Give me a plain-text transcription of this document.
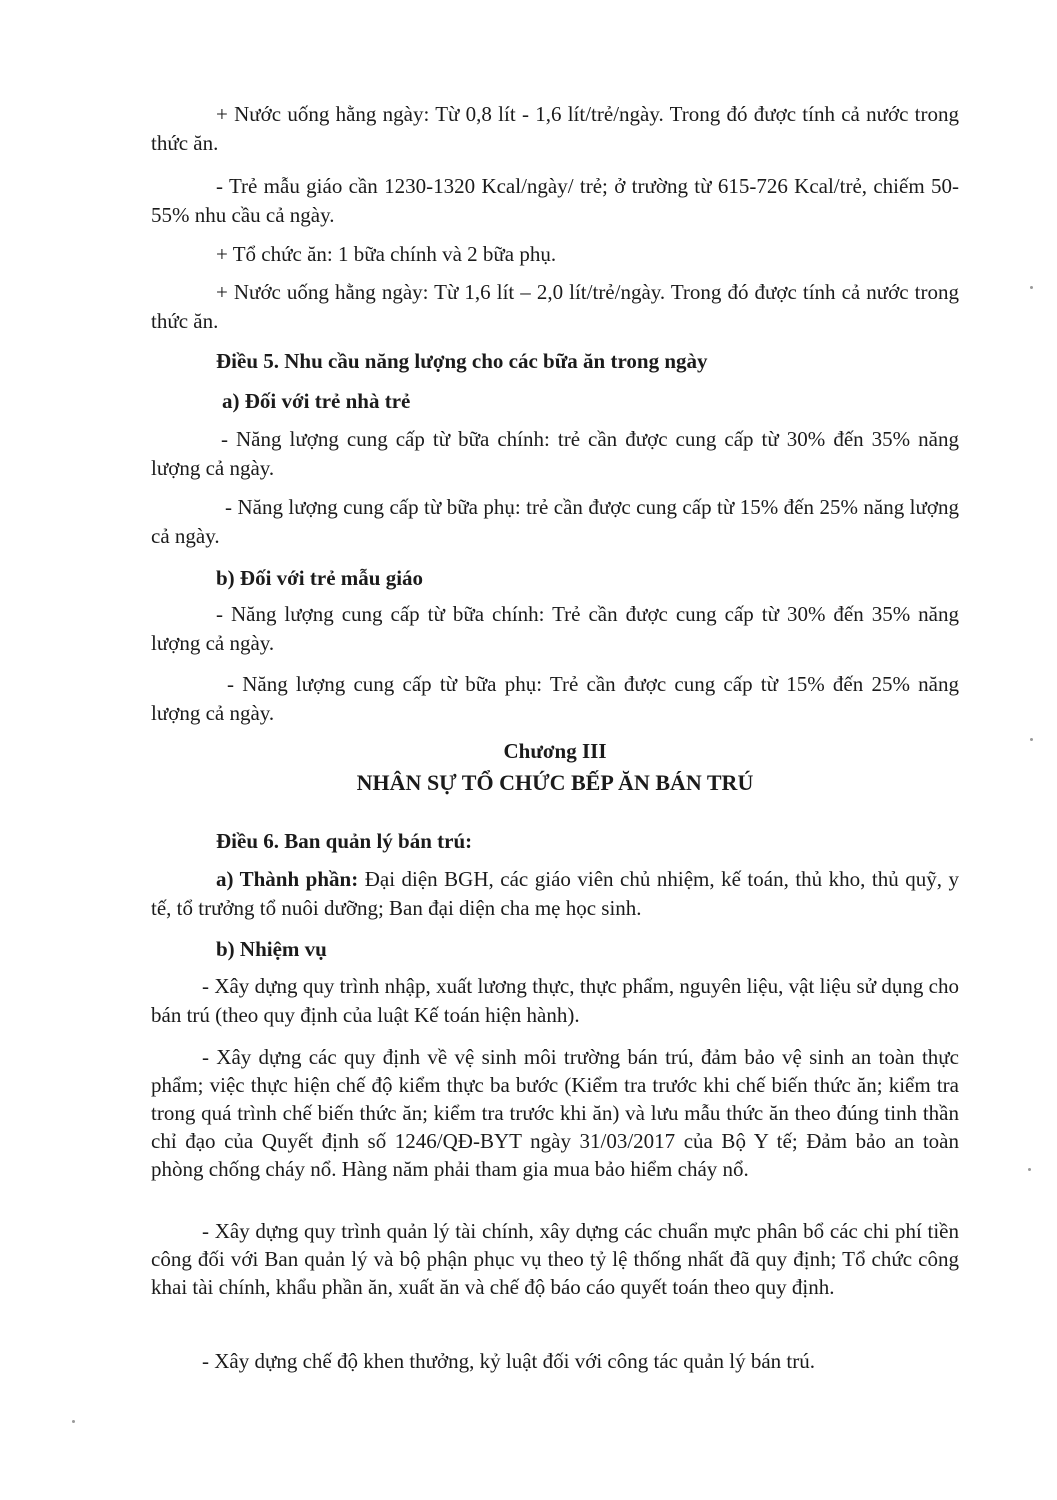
+ Nước uống hằng ngày: Từ 0,8 lít - 1,6 lít/trẻ/ngày. Trong đó được tính cả nước trong thức ăn.

- Trẻ mẫu giáo cần 1230-1320 Kcal/ngày/ trẻ; ở trường từ 615-726 Kcal/trẻ, chiếm 50-55% nhu cầu cả ngày.

+ Tổ chức ăn: 1 bữa chính và 2 bữa phụ.

+ Nước uống hằng ngày: Từ 1,6 lít – 2,0 lít/trẻ/ngày. Trong đó được tính cả nước trong thức ăn.

Điều 5. Nhu cầu năng lượng cho các bữa ăn trong ngày

a) Đối với trẻ nhà trẻ

- Năng lượng cung cấp từ bữa chính: trẻ cần được cung cấp từ 30% đến 35% năng lượng cả ngày.

- Năng lượng cung cấp từ bữa phụ: trẻ cần được cung cấp từ 15% đến 25% năng lượng cả ngày.

b) Đối với trẻ mẫu giáo

- Năng lượng cung cấp từ bữa chính: Trẻ cần được cung cấp từ 30% đến 35% năng lượng cả ngày.

- Năng lượng cung cấp từ bữa phụ: Trẻ cần được cung cấp từ 15% đến 25% năng lượng cả ngày.

Chương III

NHÂN SỰ TỔ CHỨC BẾP ĂN BÁN TRÚ

Điều 6. Ban quản lý bán trú:

a) Thành phần: Đại diện BGH, các giáo viên chủ nhiệm, kế toán, thủ kho, thủ quỹ, y tế, tổ trưởng tổ nuôi dưỡng; Ban đại diện cha mẹ học sinh.

b) Nhiệm vụ

- Xây dựng quy trình nhập, xuất lương thực, thực phẩm, nguyên liệu, vật liệu sử dụng cho bán trú (theo quy định của luật Kế toán hiện hành).

- Xây dựng các quy định về vệ sinh môi trường bán trú, đảm bảo vệ sinh an toàn thực phẩm; việc thực hiện chế độ kiểm thực ba bước (Kiểm tra trước khi chế biến thức ăn; kiểm tra trong quá trình chế biến thức ăn; kiểm tra trước khi ăn) và lưu mẫu thức ăn theo đúng tinh thần chỉ đạo của Quyết định số 1246/QĐ-BYT ngày 31/03/2017 của Bộ Y tế; Đảm bảo an toàn phòng chống cháy nổ. Hàng năm phải tham gia mua bảo hiểm cháy nổ.

- Xây dựng quy trình quản lý tài chính, xây dựng các chuẩn mực phân bổ các chi phí tiền công đối với Ban quản lý và bộ phận phục vụ theo tỷ lệ thống nhất đã quy định; Tổ chức công khai tài chính, khẩu phần ăn, xuất ăn và chế độ báo cáo quyết toán theo quy định.

- Xây dựng chế độ khen thưởng, kỷ luật đối với công tác quản lý bán trú.
